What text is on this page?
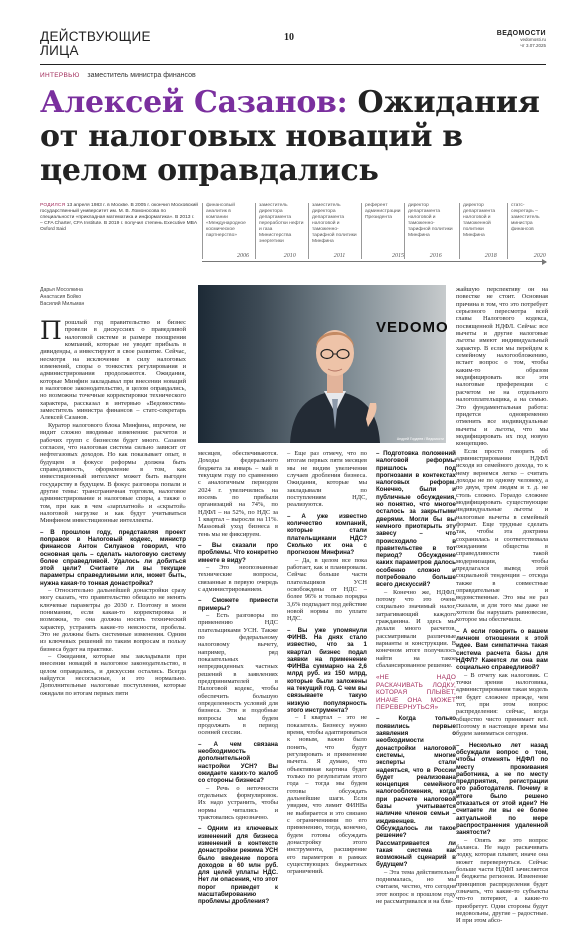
ДЕЙСТВУЮЩИЕ
ЛИЦА
10	ВЕДОМОСТИ
vedomosti.ru
чт 3.07.2025
ИНТЕРВЬЮ заместитель министра финансов
Алексей Сазанов: Ожидания от налоговых новаций в целом оправдались
РОДИЛСЯ 13 апреля 1983 г. в Москве. В 2005 г. окончил Московский государственный университет им. М. В. Ломоносова по специальности «прикладная математика и информатика». В 2013 г. – CFA Charter, CFA Institute. В 2019 г. получил степень Executive MBA Oxford Said
финансовый аналитик в компании «Международное космическое партнерство»
2006
заместитель директора департамента переработки нефти и газа Министерства энергетики
2010
заместитель директора департамента налоговой и таможенно-тарифной политики Минфина
2011
референт администрации Президента
2015
директор департамента налоговой и таможенно-тарифной политики Минфина
2016
директор департамента налоговой и таможенной политики Минфина
2018
статс-секретарь – заместитель министра финансов
2020
Дарья Мосолкина
Анастасия Бойко
Василий Мильман
VEDOMO
Андрей Гордеев / Ведомости

Прошлый год правительство и бизнес провели в дискуссиях о праведливой налоговой системе и размере поощрения компаний, которые не уводят прибыль в дивиденды, а инвестируют в свое развитие. Сейчас, несмотря на исключение в силу налоговых изменений, споры о тонкостях регулирования и администрирования продолжаются. Ожидания, которые Минфин закладывал при внесении новаций в налоговое законодательство, в целом оправдались, но возможны точечные корректировки технического характера, рассказал в интервью «Ведомостям» заместитель министра финансов – статс-секретарь Алексей Сазанов.

Куратор налогового блока Минфина, впрочем, не видит сложно вводимые изменения: расчетов и рабочих групп с бизнесом будет много. Сазанов согласен, что налоговая система сильно зависит от нефтегазовых доходов. Но как показывает опыт, в будущем в фокусе реформы должна быть справедливость, оформление в том, как инвестиционный интеллект может быть выгоден государству в будущем. В фокус разговора попали и другие темы: трансграничная торговля, налоговое администрирование и налоговые споры, а также о том, при как в чем «зарплатной» и «скрытой» налоговой нагрузке и как будут учитываться Минфином инвестиционные интеллекты.

– В прошлом году, представляя проект поправок в Налоговый кодекс, министр финансов Антон Силуанов говорил, что основная цель – сделать налоговую систему более справедливой. Удалось ли добиться этой цели? Считаете ли вы текущие параметры справедливыми или, может быть, нужна какая-то тонкая донастройка?

– Относительно дальнейшей донастройки сразу могу сказать, что правительство обещало не менять ключевые параметры до 2030 г. Поэтому в моем понимании, если какая-то корректировка и возможна, то она должна носить технический характер, устранять какие-то неясности, пробелы. Это не должны быть системные изменения. Одним из ключевых решений по таким вопросам в пользу бизнеса будет на практике.

– Ожидания, которые мы закладывали при внесении новаций в налоговое законодательство, в целом оправдались, и дискуссии остались. Всегда найдутся несогласные, и это нормально. Дополнительные налоговые поступления, которые ожидали по итогам первых пяти

месяцев, обеспечиваются. Доходы федерального бюджета за январь – май в текущем году по сравнению с аналогичным периодом 2024 г. увеличились на восемь по прибыли организаций на 74%, по НДФЛ – на 52%, по НДС за 1 квартал – выросли на 11%. Massовый уход бизнеса в тень мы не фиксируем.

– Вы сказали про проблемы. Что конкретно имеете в виду?

– Это неопознанные технические вопросы, связанные в первую очередь с администрированием.

– Сможете привести примеры?

– Есть разговоры по применению НДС плательщиками УСН. Также по федеральному налоговому вычету, например, ряд показательных непредвиденных частных решений в заявлениях предпринимателей в Налоговой кодекс, чтобы обеспечить большую определенность условий для бизнеса. Эти и подобные вопросы мы будем продолжать в период осенней сессии.

– А чем связана необходимость дополнительной настройки УСН? Вы ожидаете каких-то жалоб со стороны бизнеса?

– Речь о неточности отдельных формулировок. Их надо устранить, чтобы нормы читались и трактовались однозначно.

– Одним из ключевых изменений для бизнеса изменений в контексте донастройки режима УСН было введение порога доходов в 60 млн руб. для целей уплаты НДС. Нет ли опасения, что этот порог приведет к масштабированию проблемы дробления?

– Еще раз отмечу, что по итогам первых пяти месяцев мы не видим увеличения случаев дробления бизнеса. Ожидания, которые мы закладывали по поступлениям НДС, реализуются.

– А уже известно количество компаний, которые стали плательщиками НДС? Сколько их она с прогнозом Минфина?

– Да, в целом все пока работает, как и планировали. Сейчас больше части плательщиков УСН освобождены от НДС – более 96% и только порядка 3,6% подпадает под действие новой нормы по уплате НДС.

– Вы уже упомянули ФИНВ. На днях стало известно, что за 1 квартал бизнес подал заявки на применение ФИНВа суммарно на 2,6 млрд руб. из 150 млрд, которые были заложены на текущий год. С чем вы связываете такую низкую популярность этого инструмента?

– I квартал – это не показатель. Бизнесу нужно время, чтобы адаптироваться к новым, важно было понять, что будут регулировать и применение вычета. Я думаю, что объективная картина будет только по результатам этого года – тогда мы будем готовы обсуждать дальнейшие шаги. Если увидим, что лимит ФИНВа не выбирается и это связано с ограничениями по его применению, тогда, конечно, будем готовы обсуждать донастройку этого инструмента, расширение его параметров в рамках существующих бюджетных ограничений.

– Подготовка положений налоговой реформы пришлось под прогнозами в контекстах налоговых реформ. Конечно, были и публичные обсуждения, но понятно, что многое осталось за закрытыми дверями. Могли бы вы немного приоткрыть эту завесу – что происходило в правительстве в тот период? Обсуждение каких параметров далось особенно сложно и потребовало больше всего дискуссий?

– Конечно же, НДФЛ, потому что это очень социально значимый налог, затрагивающий каждого гражданина. И здесь мы делали много расчетов, рассматривали различные варианты и конструкции. В конечном итоге получилось найти на такое сбалансированное решение.

«НЕ НАДО РАСКАЧИВАТЬ ЛОДКУ, КОТОРАЯ ПЛЫВЕТ, ИНАЧЕ ОНА МОЖЕТ ПЕРЕВЕРНУТЬСЯ»

– Когда только появились первые заявления о необходимости донастройки налоговой системы, многие эксперты стали надеяться, что в России будет реализована концепция семейного налогообложения, когда при расчете налоговой базы учитывается наличие членов семьи – иждивенцев. Обсуждалось ли такое решение? Рассматривается ли такая система как возможный сценарий в будущем?

– Эта тема действительно поднималась, но мы считаем, честно, что сегодня этот вопрос в прошлом году не рассматривался и на бли-

жайшую перспективу он на повестке не стоит. Основная причина в том, что это потребует серьезного пересмотра всей главы Налогового кодекса, посвященной НДФЛ. Сейчас все вычеты и другие налоговые льготы имеют индивидуальный характер. В если мы перейдем к семейному налогообложению, встает вопрос о том, чтобы каким-то образом модифицировать все эти налоговые преференции с расчетом не на отдельного налогоплательщика, а на семью. Это фундаментальная работа: придется одновременно отменить все индивидуальные вычеты и льготы, что мы модифицировать их под новую концепцию.

Если просто говорить об администрировании НДФЛ исходя из семейного дохода, то к нему вернемся легко – считать доходы не по одному человеку, а по двум, трем людям и т. д. не столь сложно. Гораздо сложнее модифицировать существующие индивидуальные льготы и налоговые вычеты в семейный формат. Еще трудные сделать так, чтобы эта доктрина сохранилась и соответствовала ожиданиям общества в справедливости такой модернизации, чтобы предлагался вывод этой социальной тенденции – отсюда также в совместные оправдательные и ведомственные. Это мы не раз сказали, и для того мы даже не хотели бы нарушать равновесие, которое мы обеспечили.

– А если говорить о вашем личном отношении к этой идее. Вам симпатична такая система расчета базы для НДФЛ? Кажется ли она вам социально справедливой?

– В отчету как налоговик. С точки зрения налоговика, администрирования такая модель не будет сложнее прежде, чем тот, при этом вопрос распределения: сейчас, когда общество чисто принимает всё. Поэтому в настоящее время мы будем заниматься сегодня.

– Несколько лет назад обсуждали вопрос о том, чтобы отменять НДФЛ по месту проживания работника, а не по месту предприятия, регистрации его работодателя. Почему в итоге было решено отказаться от этой идеи? Не считаете ли вы ее более актуальной по мере распространения удаленной занятости?

– Опять же это вопрос баланса. Не надо раскачивать лодку, которая плывет, иначе она может перевернуться. Сейчас больше части НДФЛ зачисляется в бюджеты регионов. Изменение принципов распределения будет означать, что какие-то субъекты что-то потеряют, а какие-то приобретут. Одни стороны будут недовольны, другие – радостные. И при этом абсо-
